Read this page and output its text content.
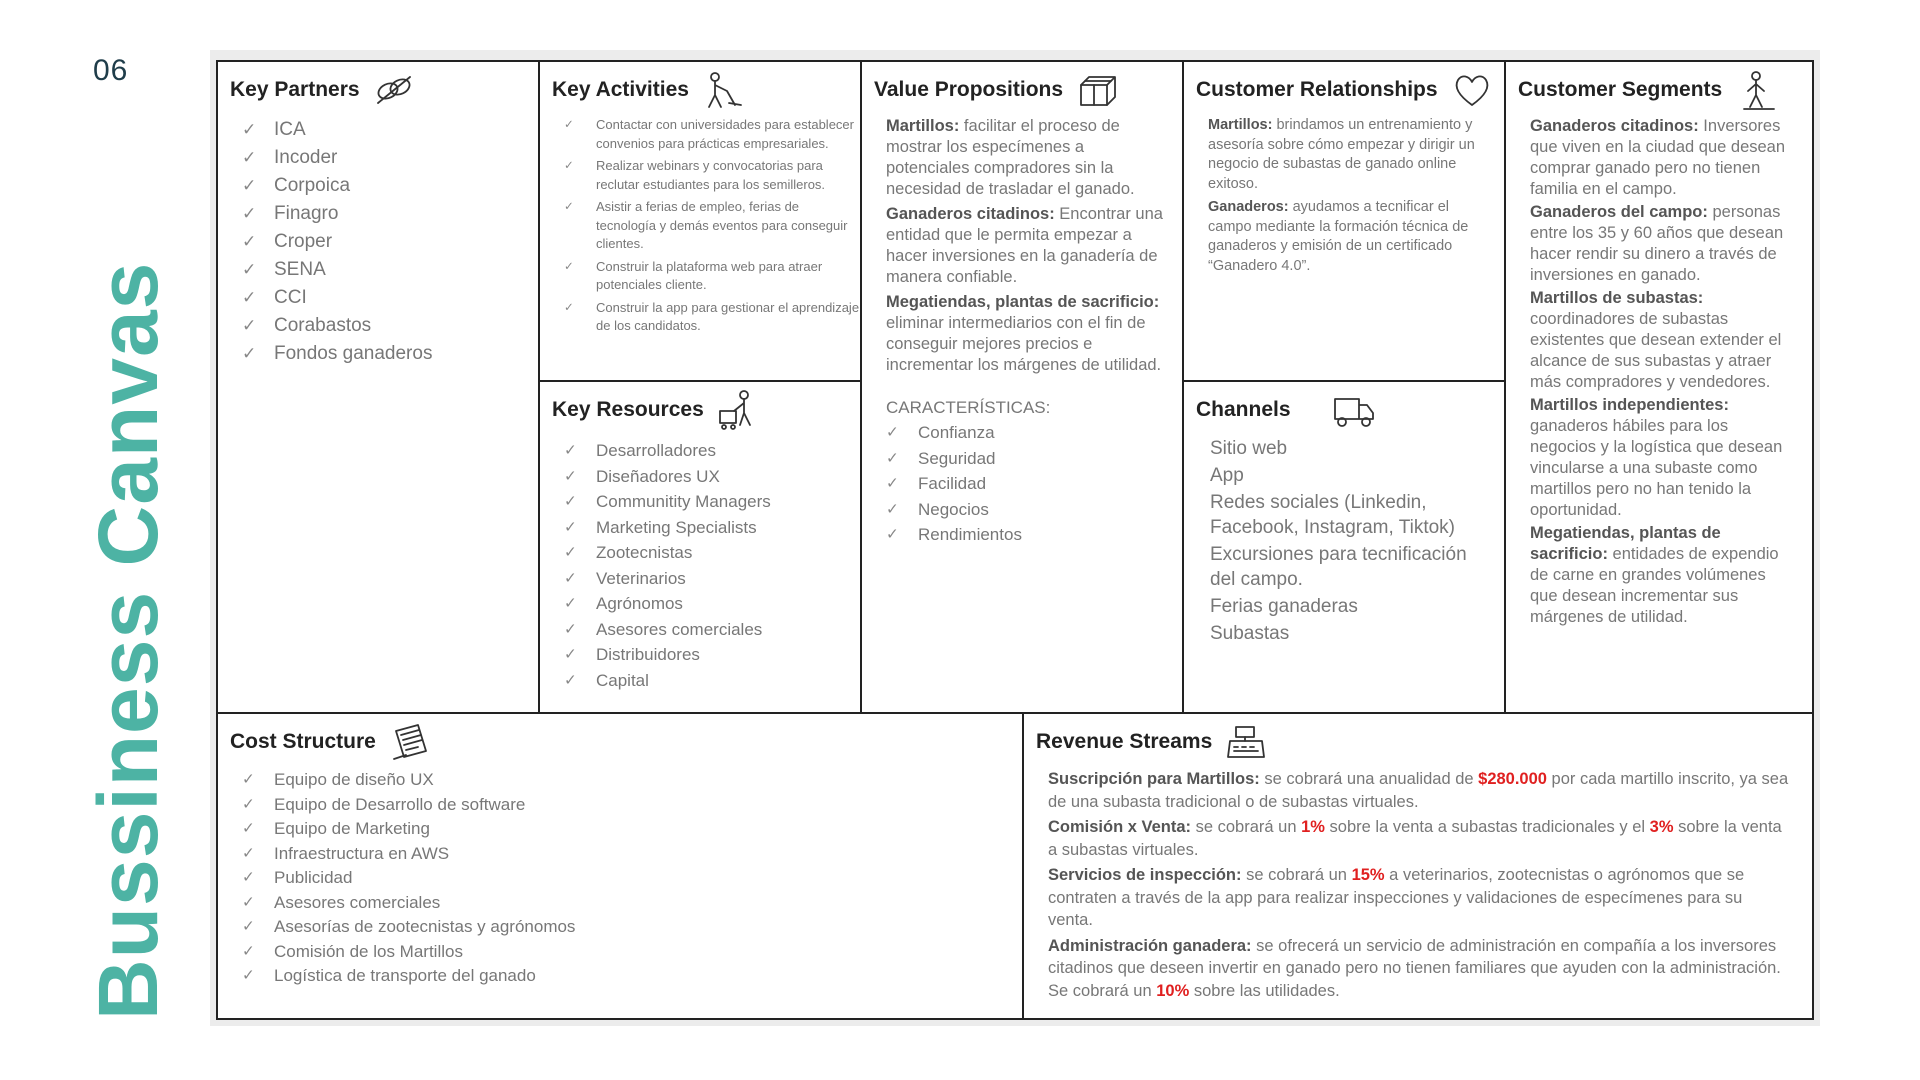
06
Bussiness Canvas
Key Partners
✓ ICA
✓ Incoder
✓ Corpoica
✓ Finagro
✓ Croper
✓ SENA
✓ CCI
✓ Corabastos
✓ Fondos ganaderos
Key Activities
✓ Contactar con universidades para establecer convenios para prácticas empresariales.
✓ Realizar webinars y convocatorias para reclutar estudiantes para los semilleros.
✓ Asistir a ferias de empleo, ferias de tecnología y demás eventos para conseguir clientes.
✓ Construir la plataforma web para atraer potenciales cliente.
✓ Construir la app para gestionar el aprendizaje de los candidatos.
Key Resources
✓ Desarrolladores
✓ Diseñadores UX
✓ Communitity Managers
✓ Marketing Specialists
✓ Zootecnistas
✓ Veterinarios
✓ Agrónomos
✓ Asesores comerciales
✓ Distribuidores
✓ Capital
Value Propositions

Martillos: facilitar el proceso de mostrar los especímenes a potenciales compradores sin la necesidad de trasladar el ganado.

Ganaderos citadinos: Encontrar una entidad que le permita empezar a hacer inversiones en la ganadería de manera confiable.

Megatiendas, plantas de sacrificio: eliminar intermediarios con el fin de conseguir mejores precios e incrementar los márgenes de utilidad.

CARACTERÍSTICAS:
✓ Confianza
✓ Seguridad
✓ Facilidad
✓ Negocios
✓ Rendimientos
Customer Relationships

Martillos: brindamos un entrenamiento y asesoría sobre cómo empezar y dirigir un negocio de subastas de ganado online exitoso.

Ganaderos: ayudamos a tecnificar el campo mediante la formación técnica de ganaderos y emisión de un certificado “Ganadero 4.0”.

Channels
Sitio web
App
Redes sociales (Linkedin, Facebook, Instagram, Tiktok)
Excursiones para tecnificación del campo.
Ferias ganaderas
Subastas
Customer Segments

Ganaderos citadinos: Inversores que viven en la ciudad que desean comprar ganado pero no tienen familia en el campo.

Ganaderos del campo: personas entre los 35 y 60 años que desean hacer rendir su dinero a través de inversiones en ganado.

Martillos de subastas: coordinadores de subastas existentes que desean extender el alcance de sus subastas y atraer más compradores y vendedores.

Martillos independientes: ganaderos hábiles para los negocios y la logística que desean vincularse a una subaste como martillos pero no han tenido la oportunidad.

Megatiendas, plantas de sacrificio: entidades de expendio de carne en grandes volúmenes que desean incrementar sus márgenes de utilidad.

Cost Structure
✓ Equipo de diseño UX
✓ Equipo de Desarrollo de software
✓ Equipo de Marketing
✓ Infraestructura en AWS
✓ Publicidad
✓ Asesores comerciales
✓ Asesorías de zootecnistas y agrónomos
✓ Comisión de los Martillos
✓ Logística de transporte del ganado
Revenue Streams

Suscripción para Martillos: se cobrará una anualidad de $280.000 por cada martillo inscrito, ya sea de una subasta tradicional o de subastas virtuales.

Comisión x Venta: se cobrará un 1% sobre la venta a subastas tradicionales y el 3% sobre la venta a subastas virtuales.

Servicios de inspección: se cobrará un 15% a veterinarios, zootecnistas o agrónomos que se contraten a través de la app para realizar inspecciones y validaciones de especímenes para su venta.

Administración ganadera: se ofrecerá un servicio de administración en compañía a los inversores citadinos que deseen invertir en ganado pero no tienen familiares que ayuden con la administración. Se cobrará un 10% sobre las utilidades.
